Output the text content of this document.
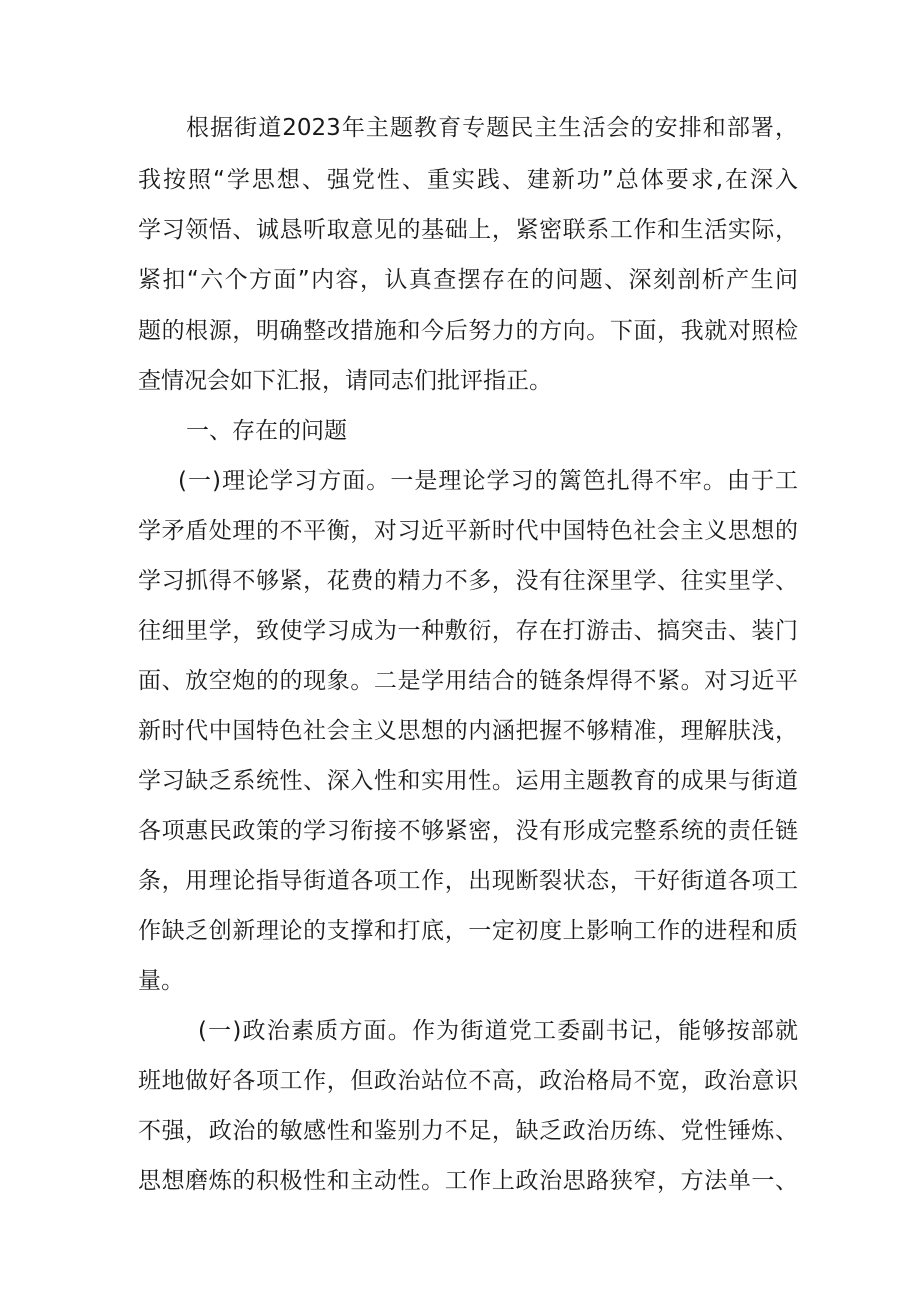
根据街道2023年主题教育专题民主生活会的安排和部署，
我按照“学思想、强党性、重实践、建新功”总体要求,在深入
学习领悟、诚恳听取意见的基础上，紧密联系工作和生活实际，
紧扣“六个方面”内容，认真查摆存在的问题、深刻剖析产生问
题的根源，明确整改措施和今后努力的方向。下面，我就对照检
查情况会如下汇报，请同志们批评指正。
一、存在的问题
(一)理论学习方面。一是理论学习的篱笆扎得不牢。由于工
学矛盾处理的不平衡，对习近平新时代中国特色社会主义思想的
学习抓得不够紧，花费的精力不多，没有往深里学、往实里学、
往细里学，致使学习成为一种敷衍，存在打游击、搞突击、装门
面、放空炮的的现象。二是学用结合的链条焊得不紧。对习近平
新时代中国特色社会主义思想的内涵把握不够精准，理解肤浅，
学习缺乏系统性、深入性和实用性。运用主题教育的成果与街道
各项惠民政策的学习衔接不够紧密，没有形成完整系统的责任链
条，用理论指导街道各项工作，出现断裂状态，干好街道各项工
作缺乏创新理论的支撑和打底，一定初度上影响工作的进程和质
量。
(一)政治素质方面。作为街道党工委副书记，能够按部就
班地做好各项工作，但政治站位不高，政治格局不宽，政治意识
不强，政治的敏感性和鉴别力不足，缺乏政治历练、党性锤炼、
思想磨炼的积极性和主动性。工作上政治思路狭窄，方法单一、
